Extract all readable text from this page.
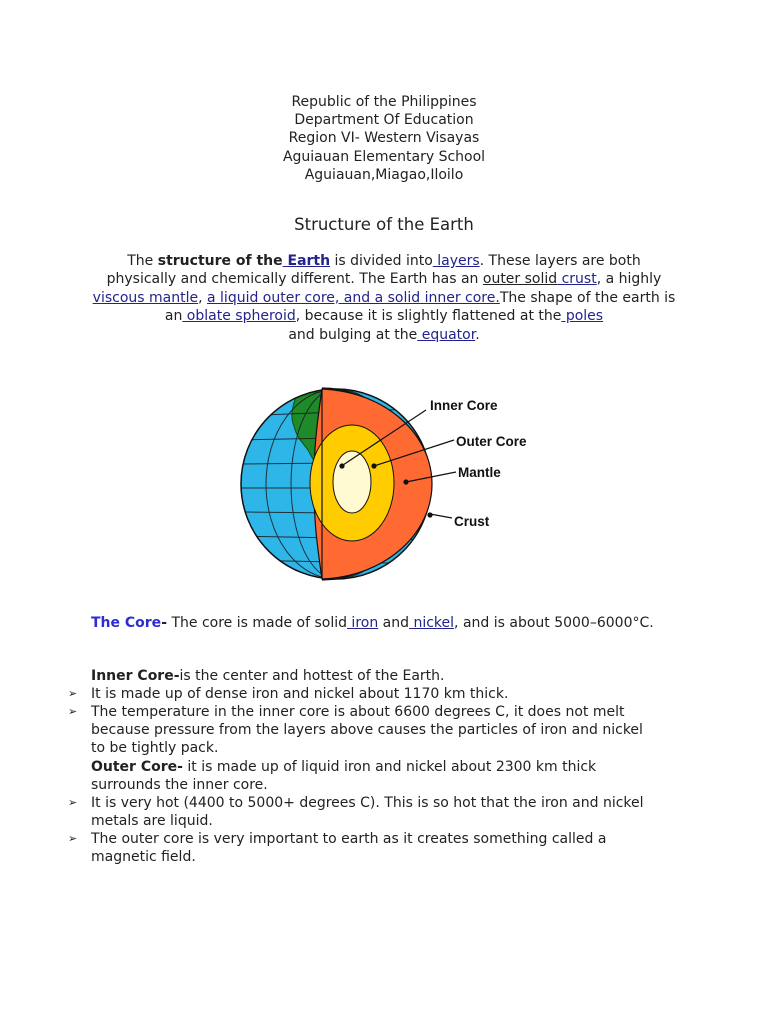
Republic of the Philippines
Department Of Education
Region VI- Western Visayas
Aguiauan Elementary School
Aguiauan,Miagao,Iloilo
Structure of the Earth
The structure of the Earth is divided into layers. These layers are both physically and chemically different. The Earth has an outer solid crust, a highly viscous mantle, a liquid outer core, and a solid inner core.The shape of the earth is an oblate spheroid, because it is slightly flattened at the poles
and bulging at the equator.
Inner Core
Outer Core
Mantle
Crust
The Core- The core is made of solid iron and nickel, and is about 5000–6000°C.
Inner Core-is the center and hottest of the Earth.
➢ It is made up of dense iron and nickel about 1170 km thick.
➢ The temperature in the inner core is about 6600 degrees C, it does not melt because pressure from the layers above causes the particles of iron and nickel to be tightly pack.
Outer Core- it is made up of liquid iron and nickel about 2300 km thick surrounds the inner core.
➢ It is very hot (4400 to 5000+ degrees C). This is so hot that the iron and nickel metals are liquid.
➢ The outer core is very important to earth as it creates something called a magnetic field.
